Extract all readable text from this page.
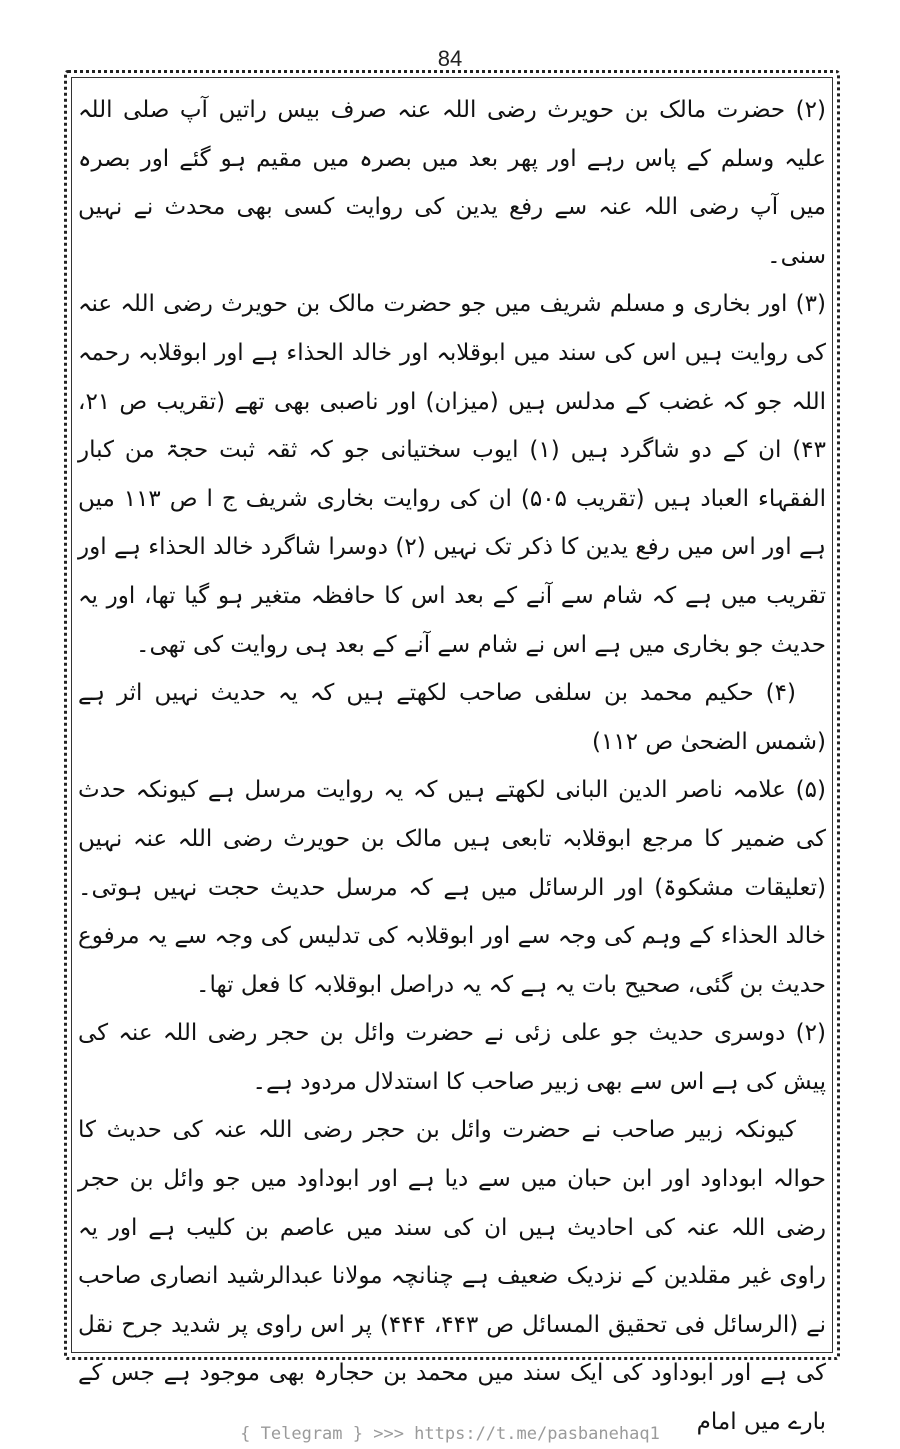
84

(۲) حضرت مالک بن حویرث رضی اللہ عنہ صرف بیس راتیں آپ صلی اللہ علیہ وسلم کے پاس رہے اور پھر بعد میں بصرہ میں مقیم ہو گئے اور بصرہ میں آپ رضی اللہ عنہ سے رفع یدین کی روایت کسی بھی محدث نے نہیں سنی۔

(۳) اور بخاری و مسلم شریف میں جو حضرت مالک بن حویرث رضی اللہ عنہ کی روایت ہیں اس کی سند میں ابوقلابہ اور خالد الحذاء ہے اور ابوقلابہ رحمہ اللہ جو کہ غضب کے مدلس ہیں (میزان) اور ناصبی بھی تھے (تقریب ص ۲۱، ۴۳) ان کے دو شاگرد ہیں (۱) ایوب سختیانی جو کہ ثقہ ثبت حجۃ من کبار الفقہاء العباد ہیں (تقریب ۵۰۵) ان کی روایت بخاری شریف ج ا ص ۱۱۳ میں ہے اور اس میں رفع یدین کا ذکر تک نہیں (۲) دوسرا شاگرد خالد الحذاء ہے اور تقریب میں ہے کہ شام سے آنے کے بعد اس کا حافظہ متغیر ہو گیا تھا، اور یہ حدیث جو بخاری میں ہے اس نے شام سے آنے کے بعد ہی روایت کی تھی۔

(۴) حکیم محمد بن سلفی صاحب لکھتے ہیں کہ یہ حدیث نہیں اثر ہے (شمس الضحیٰ ص ۱۱۲)

(۵) علامہ ناصر الدین البانی لکھتے ہیں کہ یہ روایت مرسل ہے کیونکہ حدث کی ضمیر کا مرجع ابوقلابہ تابعی ہیں مالک بن حویرث رضی اللہ عنہ نہیں (تعلیقات مشکوۃ) اور الرسائل میں ہے کہ مرسل حدیث حجت نہیں ہوتی۔ خالد الحذاء کے وہم کی وجہ سے اور ابوقلابہ کی تدلیس کی وجہ سے یہ مرفوع حدیث بن گئی، صحیح بات یہ ہے کہ یہ دراصل ابوقلابہ کا فعل تھا۔

(۲) دوسری حدیث جو علی زئی نے حضرت وائل بن حجر رضی اللہ عنہ کی پیش کی ہے اس سے بھی زبیر صاحب کا استدلال مردود ہے۔

کیونکہ زبیر صاحب نے حضرت وائل بن حجر رضی اللہ عنہ کی حدیث کا حوالہ ابوداود اور ابن حبان میں سے دیا ہے اور ابوداود میں جو وائل بن حجر رضی اللہ عنہ کی احادیث ہیں ان کی سند میں عاصم بن کلیب ہے اور یہ راوی غیر مقلدین کے نزدیک ضعیف ہے چنانچہ مولانا عبدالرشید انصاری صاحب نے (الرسائل فی تحقیق المسائل ص ۴۴۳، ۴۴۴) پر اس راوی پر شدید جرح نقل کی ہے اور ابوداود کی ایک سند میں محمد بن حجارہ بھی موجود ہے جس کے بارے میں امام

{ Telegram } >>> https://t.me/pasbanehaq1
